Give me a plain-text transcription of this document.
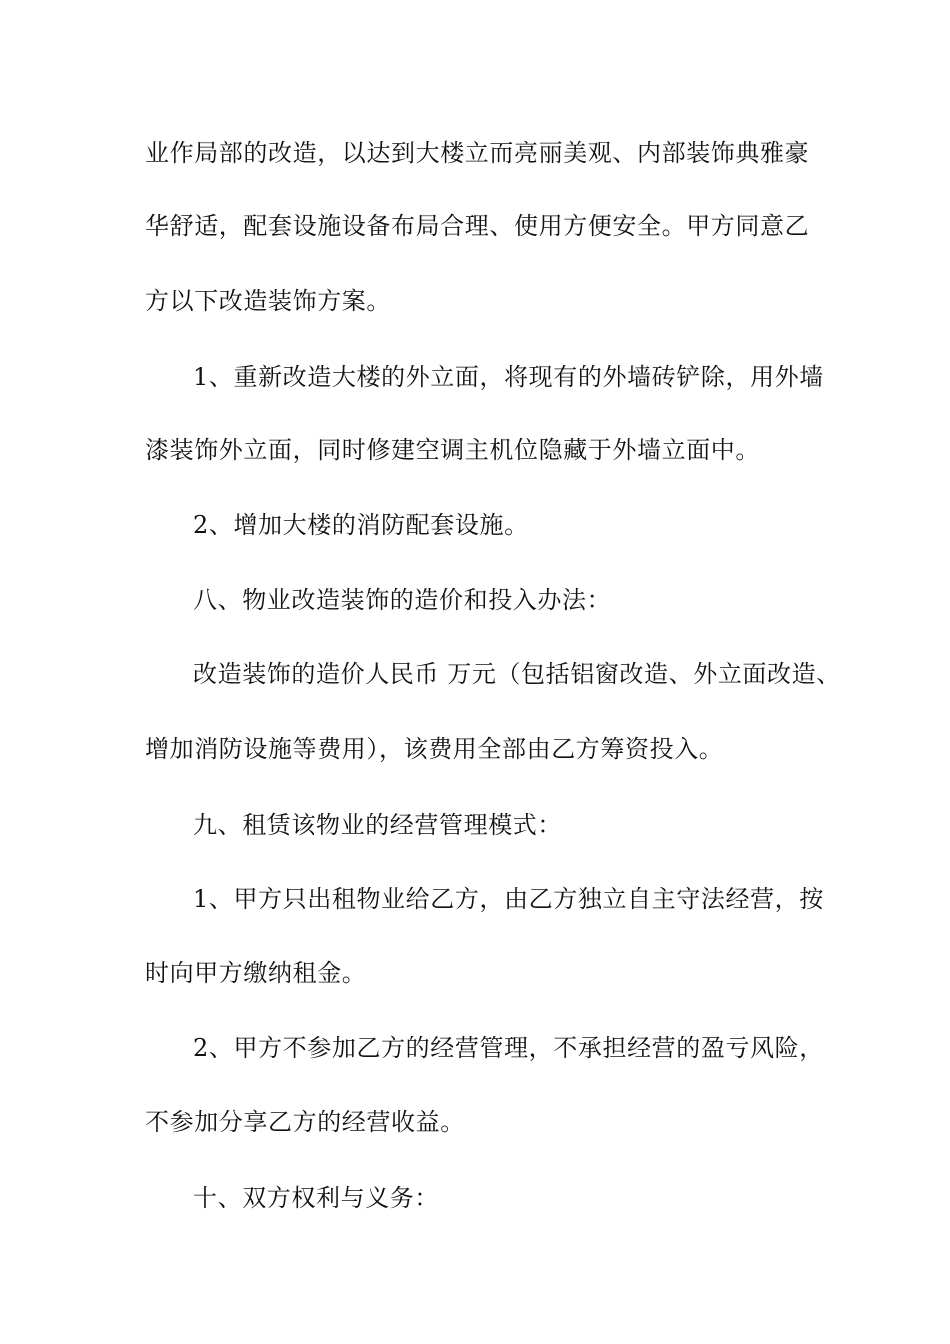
业作局部的改造，以达到大楼立而亮丽美观、内部装饰典雅豪
华舒适，配套设施设备布局合理、使用方便安全。甲方同意乙
方以下改造装饰方案。
1、重新改造大楼的外立面，将现有的外墙砖铲除，用外墙
漆装饰外立面，同时修建空调主机位隐藏于外墙立面中。
2、增加大楼的消防配套设施。
八、物业改造装饰的造价和投入办法：
改造装饰的造价人民币 万元（包括铝窗改造、外立面改造、
增加消防设施等费用），该费用全部由乙方筹资投入。
九、租赁该物业的经营管理模式：
1、甲方只出租物业给乙方，由乙方独立自主守法经营，按
时向甲方缴纳租金。
2、甲方不参加乙方的经营管理，不承担经营的盈亏风险，
不参加分享乙方的经营收益。
十、双方权利与义务：
